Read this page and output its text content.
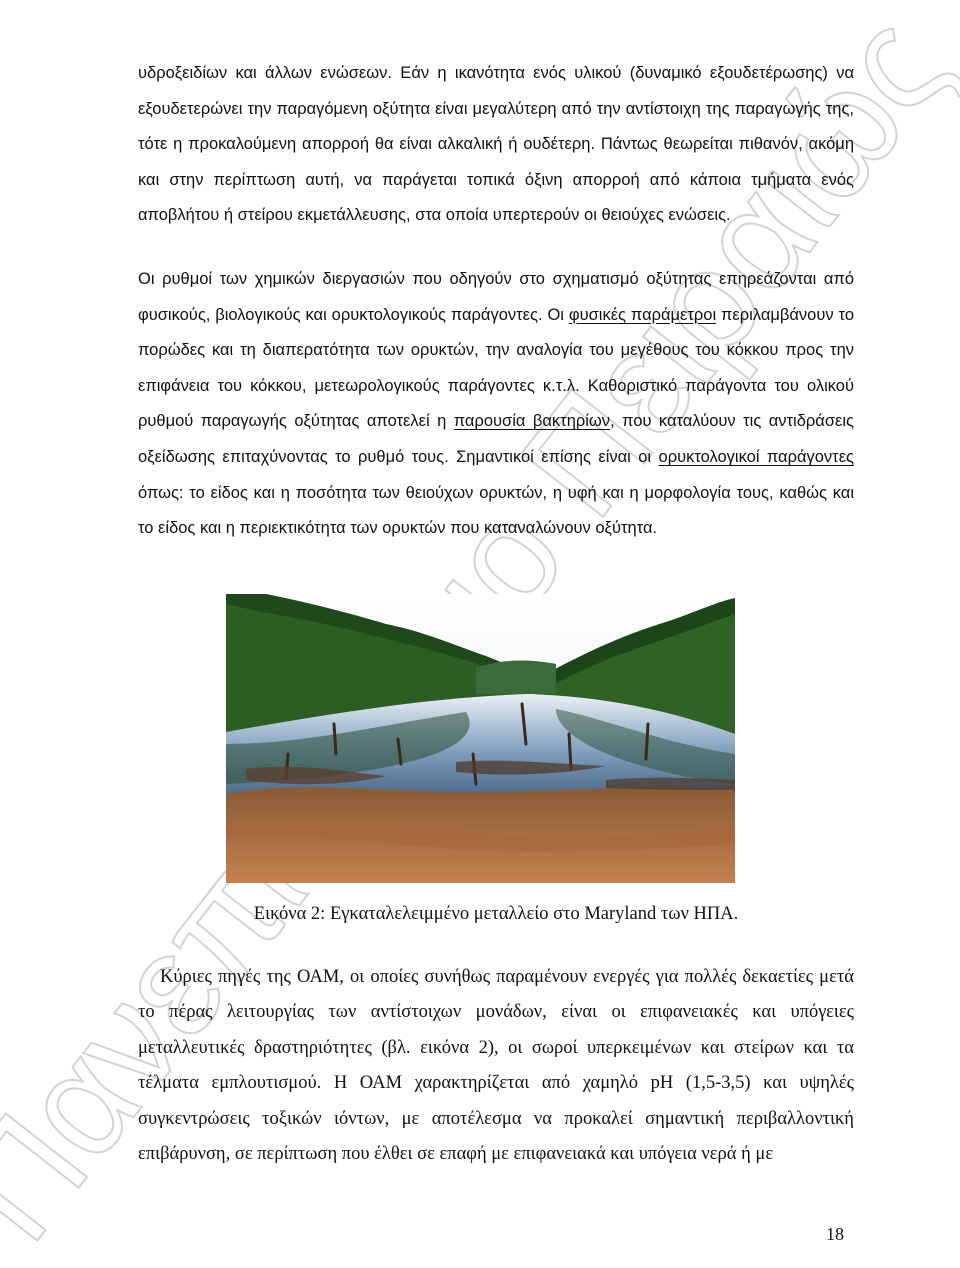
υδροξειδίων και άλλων ενώσεων. Εάν η ικανότητα ενός υλικού (δυναμικό εξουδετέρωσης) να εξουδετερώνει την παραγόμενη οξύτητα είναι μεγαλύτερη από την αντίστοιχη της παραγωγής της, τότε η προκαλούμενη απορροή θα είναι αλκαλική ή ουδέτερη. Πάντως θεωρείται πιθανόν, ακόμη και στην περίπτωση αυτή, να παράγεται τοπικά όξινη απορροή από κάποια τμήματα ενός αποβλήτου ή στείρου εκμετάλλευσης, στα οποία υπερτερούν οι θειούχες ενώσεις.

Οι ρυθμοί των χημικών διεργασιών που οδηγούν στο σχηματισμό οξύτητας επηρεάζονται από φυσικούς, βιολογικούς και ορυκτολογικούς παράγοντες. Οι φυσικές παράμετροι περιλαμβάνουν το πορώδες και τη διαπερατότητα των ορυκτών, την αναλογία του μεγέθους του κόκκου προς την επιφάνεια του κόκκου, μετεωρολογικούς παράγοντες κ.τ.λ. Καθοριστικό παράγοντα του ολικού ρυθμού παραγωγής οξύτητας αποτελεί η παρουσία βακτηρίων, που καταλύουν τις αντιδράσεις οξείδωσης επιταχύνοντας το ρυθμό τους. Σημαντικοί επίσης είναι οι ορυκτολογικοί παράγοντες όπως: το είδος και η ποσότητα των θειούχων ορυκτών, η υφή και η μορφολογία τους, καθώς και το είδος και η περιεκτικότητα των ορυκτών που καταναλώνουν οξύτητα.

Εικόνα 2: Εγκαταλελειμμένο μεταλλείο στο Maryland των ΗΠΑ.

Κύριες πηγές της ΟΑΜ, οι οποίες συνήθως παραμένουν ενεργές για πολλές δεκαετίες μετά το πέρας λειτουργίας των αντίστοιχων μονάδων, είναι οι επιφανειακές και υπόγειες μεταλλευτικές δραστηριότητες (βλ. εικόνα 2), οι σωροί υπερκειμένων και στείρων και τα τέλματα εμπλουτισμού. Η ΟΑΜ χαρακτηρίζεται από χαμηλό pH (1,5-3,5) και υψηλές συγκεντρώσεις τοξικών ιόντων, με αποτέλεσμα να προκαλεί σημαντική περιβαλλοντική επιβάρυνση, σε περίπτωση που έλθει σε επαφή με επιφανειακά και υπόγεια νερά ή με

18
